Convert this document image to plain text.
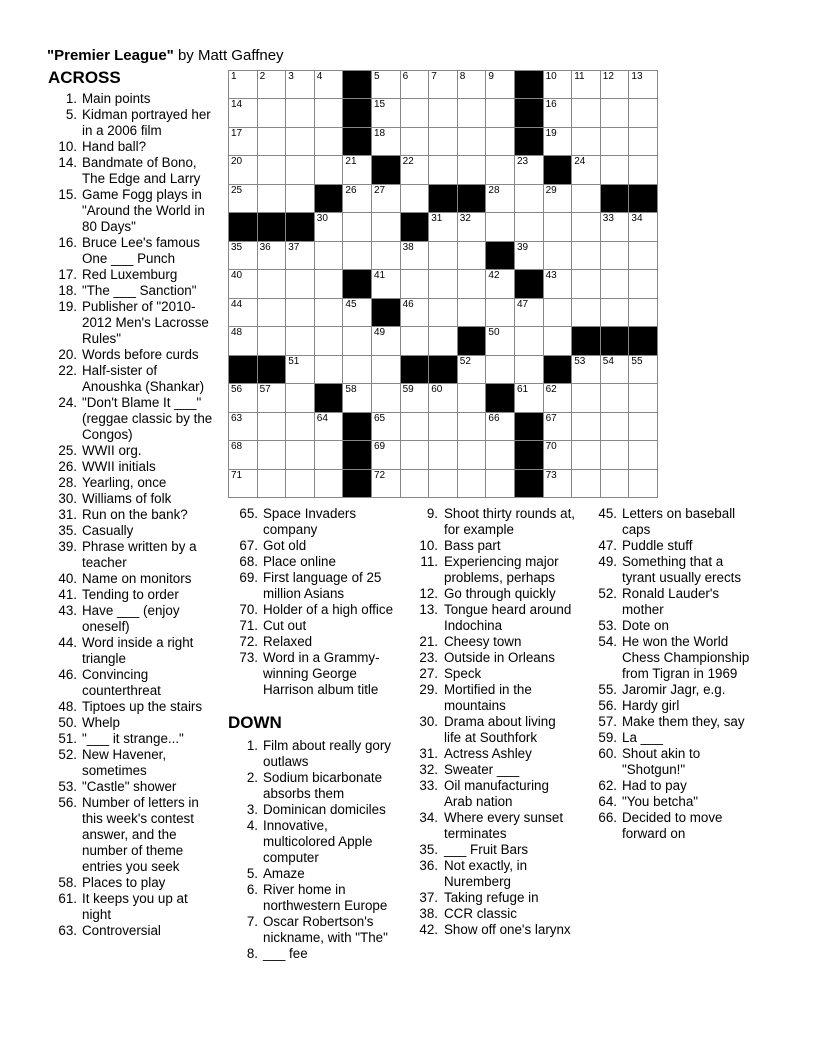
"Premier League" by Matt Gaffney
1 2 3 4	5 6 7 8 9	10 11 12 13
14	15	16
17	18	19
20	21	22	23	24
25	26 27	28	29
30	31 32	33 34
35 36 37	38	39
40	41	42	43
44	45	46	47
48	49	50
51	52	53 54 55
56 57	58	59 60	61 62
63	64	65	66	67
68	69	70
71	72	73
ACROSS
1. Main points
5. Kidman portrayed her in a 2006 film
10. Hand ball?
14. Bandmate of Bono, The Edge and Larry
15. Game Fogg plays in "Around the World in 80 Days"
16. Bruce Lee's famous One ___ Punch
17. Red Luxemburg
18. "The ___ Sanction"
19. Publisher of "2010-2012 Men's Lacrosse Rules"
20. Words before curds
22. Half-sister of Anoushka (Shankar)
24. "Don't Blame It ___" (reggae classic by the Congos)
25. WWII org.
26. WWII initials
28. Yearling, once
30. Williams of folk
31. Run on the bank?
35. Casually
39. Phrase written by a teacher
40. Name on monitors
41. Tending to order
43. Have ___ (enjoy oneself)
44. Word inside a right triangle
46. Convincing counterthreat
48. Tiptoes up the stairs
50. Whelp
51. "___ it strange..."
52. New Havener, sometimes
53. "Castle" shower
56. Number of letters in this week's contest answer, and the number of theme entries you seek
58. Places to play
61. It keeps you up at night
63. Controversial
65. Space Invaders company
67. Got old
68. Place online
69. First language of 25 million Asians
70. Holder of a high office
71. Cut out
72. Relaxed
73. Word in a Grammy-winning George Harrison album title
DOWN
1. Film about really gory outlaws
2. Sodium bicarbonate absorbs them
3. Dominican domiciles
4. Innovative, multicolored Apple computer
5. Amaze
6. River home in northwestern Europe
7. Oscar Robertson's nickname, with "The"
8. ___ fee
9. Shoot thirty rounds at, for example
10. Bass part
11. Experiencing major problems, perhaps
12. Go through quickly
13. Tongue heard around Indochina
21. Cheesy town
23. Outside in Orleans
27. Speck
29. Mortified in the mountains
30. Drama about living life at Southfork
31. Actress Ashley
32. Sweater ___
33. Oil manufacturing Arab nation
34. Where every sunset terminates
35. ___ Fruit Bars
36. Not exactly, in Nuremberg
37. Taking refuge in
38. CCR classic
42. Show off one's larynx
45. Letters on baseball caps
47. Puddle stuff
49. Something that a tyrant usually erects
52. Ronald Lauder's mother
53. Dote on
54. He won the World Chess Championship from Tigran in 1969
55. Jaromir Jagr, e.g.
56. Hardy girl
57. Make them they, say
59. La ___
60. Shout akin to "Shotgun!"
62. Had to pay
64. "You betcha"
66. Decided to move forward on
